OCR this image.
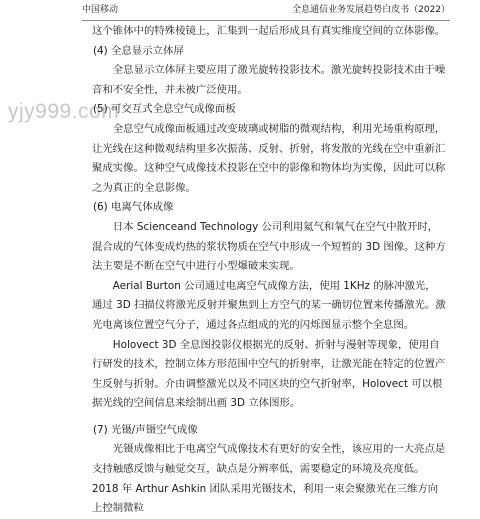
中国移动	全息通信业务发展趋势白皮书（2022）
yjy999.com

这个锥体中的特殊棱镜上，汇集到一起后形成具有真实维度空间的立体影像。

(4) 全息显示立体屏

全息显示立体屏主要应用了激光旋转投影技术。激光旋转投影技术由于噪音和不安全性，并未被广泛使用。

(5) 可交互式全息空气成像面板

全息空气成像面板通过改变玻璃或树脂的微观结构，利用光场重构原理，让光线在这种微观结构里多次振荡、反射、折射，将发散的光线在空中重新汇聚成实像。这种空气成像技术投影在空中的影像和物体均为实像，因此可以称之为真正的全息影像。

(6) 电离气体成像

日本 Scienceand Technology 公司利用氦气和氧气在空气中散开时，混合成的气体变成灼热的浆状物质在空气中形成一个短暂的 3D 图像。这种方法主要是不断在空气中进行小型爆破来实现。

Aerial Burton 公司通过电离空气成像方法，使用 1KHz 的脉冲激光，通过 3D 扫描仪将激光反射并聚焦到上方空气的某一确切位置来传播激光。激光电离该位置空气分子，通过各点组成的光的闪烁图显示整个全息图。

Holovect 3D 全息图投影仪根据光的反射、折射与漫射等现象，使用自行研发的技术，控制立体方形范围中空气的折射率，让激光能在特定的位置产生反射与折射。介由调整激光以及不同区块的空气折射率，Holovect 可以根据光线的空间信息来绘制出画 3D 立体图形。

(7) 光镊/声镊空气成像

光镊成像相比于电离空气成像技术有更好的安全性，该应用的一大亮点是支持触感反馈与触觉交互，缺点是分辨率低，需要稳定的环境及亮度低。2018 年 Arthur Ashkin 团队采用光镊技术，利用一束会聚激光在三维方向上控制微粒
